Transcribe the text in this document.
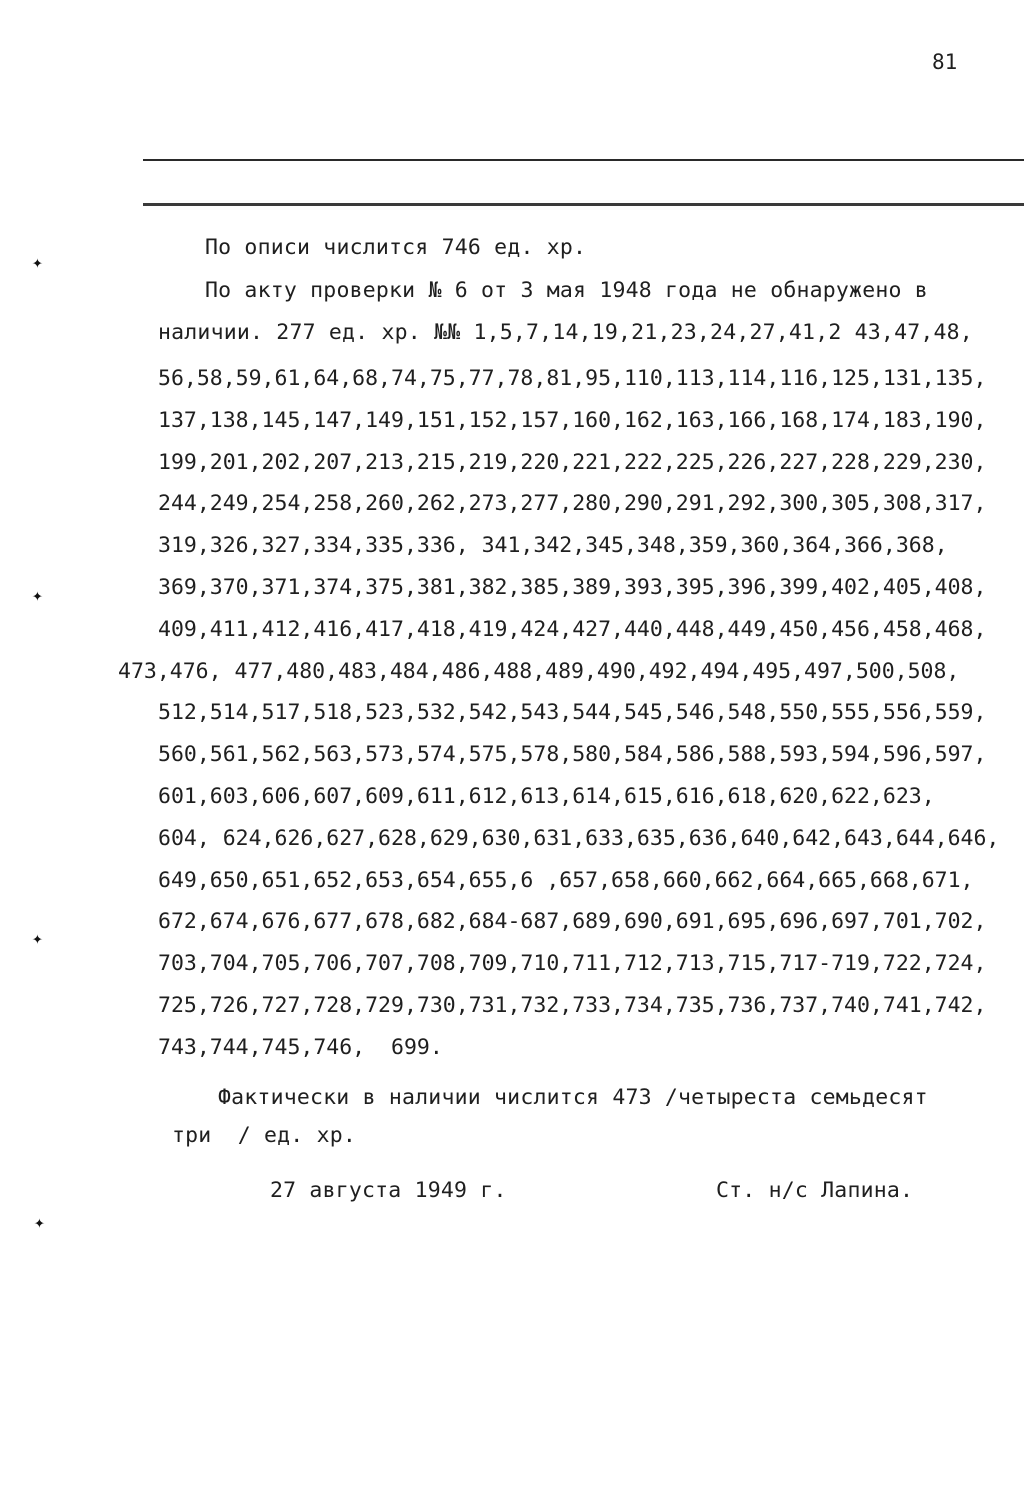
81
✦
✦
✦
✦
По описи числится 746 ед. хр.
По акту проверки № 6 от 3 мая 1948 года не обнаружено в
наличии. 277 ед. хр. №№ 1,5,7,14,19,21,23,24,27,41,2 43,47,48,
56,58,59,61,64,68,74,75,77,78,81,95,110,113,114,116,125,131,135,
137,138,145,147,149,151,152,157,160,162,163,166,168,174,183,190,
199,201,202,207,213,215,219,220,221,222,225,226,227,228,229,230,
244,249,254,258,260,262,273,277,280,290,291,292,300,305,308,317,
319,326,327,334,335,336, 341,342,345,348,359,360,364,366,368,
369,370,371,374,375,381,382,385,389,393,395,396,399,402,405,408,
409,411,412,416,417,418,419,424,427,440,448,449,450,456,458,468,
473,476, 477,480,483,484,486,488,489,490,492,494,495,497,500,508,
512,514,517,518,523,532,542,543,544,545,546,548,550,555,556,559,
560,561,562,563,573,574,575,578,580,584,586,588,593,594,596,597,
601,603,606,607,609,611,612,613,614,615,616,618,620,622,623,
604, 624,626,627,628,629,630,631,633,635,636,640,642,643,644,646,
649,650,651,652,653,654,655,6 ,657,658,660,662,664,665,668,671,
672,674,676,677,678,682,684-687,689,690,691,695,696,697,701,702,
703,704,705,706,707,708,709,710,711,712,713,715,717-719,722,724,
725,726,727,728,729,730,731,732,733,734,735,736,737,740,741,742,
743,744,745,746,  699.
Фактически в наличии числится 473 /четыреста семьдесят
три  / ед. хр.
27 августа 1949 г.	Ст. н/с Лапина.
